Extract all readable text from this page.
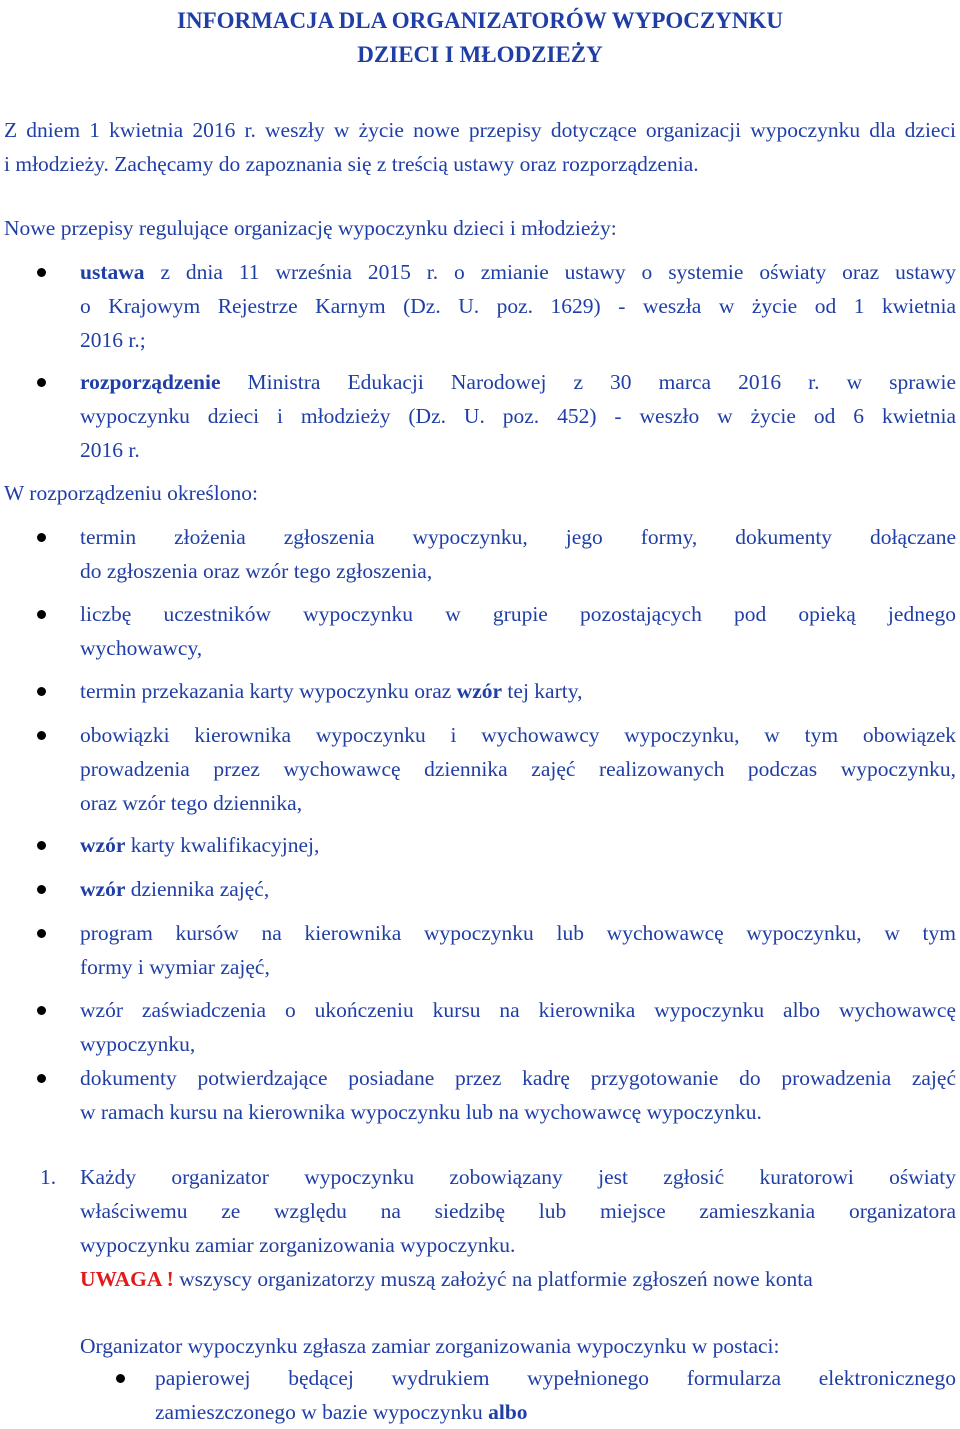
INFORMACJA DLA ORGANIZATORÓW WYPOCZYNKU
DZIECI I MŁODZIEŻY
Z dniem 1 kwietnia 2016 r. weszły w życie nowe przepisy dotyczące organizacji wypoczynku dla dzieci
i młodzieży. Zachęcamy do zapoznania się z treścią ustawy oraz rozporządzenia.
Nowe przepisy regulujące organizację wypoczynku dzieci i młodzieży:
ustawa z dnia 11 września 2015 r. o zmianie ustawy o systemie oświaty oraz ustawy
o Krajowym Rejestrze Karnym (Dz. U. poz. 1629) - weszła w życie od 1 kwietnia
2016 r.;
rozporządzenie Ministra Edukacji Narodowej z 30 marca 2016 r. w sprawie
wypoczynku dzieci i młodzieży (Dz. U. poz. 452) - weszło w życie od 6 kwietnia
2016 r.
W rozporządzeniu określono:
termin złożenia zgłoszenia wypoczynku, jego formy, dokumenty dołączane
do zgłoszenia oraz wzór tego zgłoszenia,
liczbę uczestników wypoczynku w grupie pozostających pod opieką jednego
wychowawcy,
termin przekazania karty wypoczynku oraz wzór tej karty,
obowiązki kierownika wypoczynku i wychowawcy wypoczynku, w tym obowiązek
prowadzenia przez wychowawcę dziennika zajęć realizowanych podczas wypoczynku,
oraz wzór tego dziennika,
wzór karty kwalifikacyjnej,
wzór dziennika zajęć,
program kursów na kierownika wypoczynku lub wychowawcę wypoczynku, w tym
formy i wymiar zajęć,
wzór zaświadczenia o ukończeniu kursu na kierownika wypoczynku albo wychowawcę
wypoczynku,
dokumenty potwierdzające posiadane przez kadrę przygotowanie do prowadzenia zajęć
w ramach kursu na kierownika wypoczynku lub na wychowawcę wypoczynku.
1. Każdy organizator wypoczynku zobowiązany jest zgłosić kuratorowi oświaty
właściwemu ze względu na siedzibę lub miejsce zamieszkania organizatora
wypoczynku zamiar zorganizowania wypoczynku.
UWAGA ! wszyscy organizatorzy muszą założyć na platformie zgłoszeń nowe konta
Organizator wypoczynku zgłasza zamiar zorganizowania wypoczynku w postaci:
papierowej będącej wydrukiem wypełnionego formularza elektronicznego
zamieszczonego w bazie wypoczynku albo
